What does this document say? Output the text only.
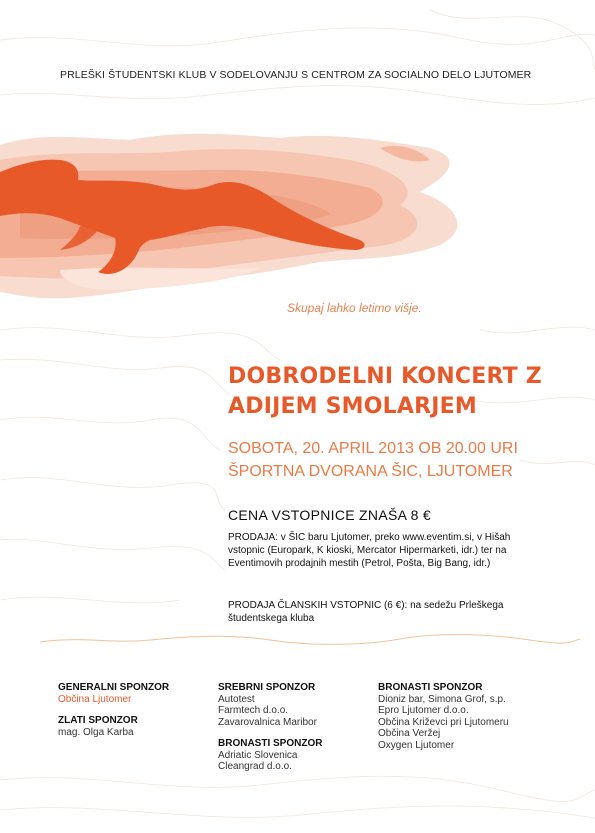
PRLEŠKI ŠTUDENTSKI KLUB V SODELOVANJU S CENTROM ZA SOCIALNO DELO LJUTOMER
Skupaj lahko letimo višje.
DOBRODELNI KONCERT Z
ADIJEM SMOLARJEM
SOBOTA, 20. APRIL 2013 OB 20.00 URI
ŠPORTNA DVORANA ŠIC, LJUTOMER
CENA VSTOPNICE ZNAŠA 8 €
PRODAJA: v ŠIC baru Ljutomer, preko www.eventim.si, v Hišah vstopnic (Europark, K kioski, Mercator Hipermarketi, idr.) ter na Eventimovih prodajnih mestih (Petrol, Pošta, Big Bang, idr.)
PRODAJA ČLANSKIH VSTOPNIC (6 €): na sedežu Prleškega študentskega kluba
GENERALNI SPONZOR
Občina Ljutomer
ZLATI SPONZOR
mag. Olga Karba
SREBRNI SPONZOR
Autotest
Farmtech d.o.o.
Zavarovalnica Maribor
BRONASTI SPONZOR
Adriatic Slovenica
Cleangrad d.o.o.
BRONASTI SPONZOR
Dioniz bar, Simona Grof, s.p.
Epro Ljutomer d.o.o.
Občina Križevci pri Ljutomeru
Občina Veržej
Oxygen Ljutomer
